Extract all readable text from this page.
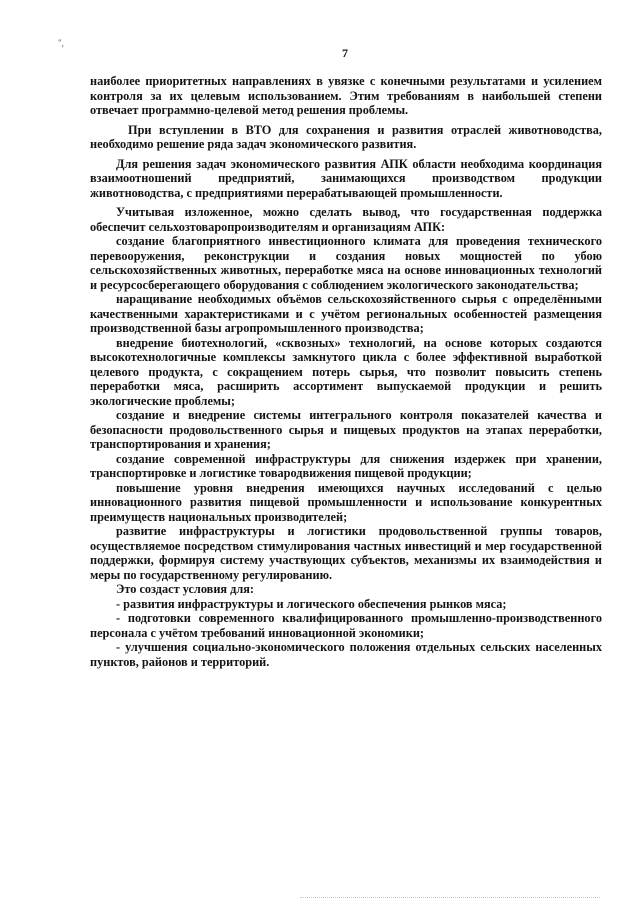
",
7

наиболее приоритетных направлениях в увязке с конечными результатами и усилением контроля за их целевым использованием. Этим требованиям в наибольшей степени отвечает программно-целевой метод решения проблемы.

При вступлении в ВТО для сохранения и развития отраслей животноводства, необходимо решение ряда задач экономического развития.

Для решения задач экономического развития АПК области необходима координация взаимоотношений предприятий, занимающихся производством продукции животноводства, с предприятиями перерабатывающей промышленности.

Учитывая изложенное, можно сделать вывод, что государственная поддержка обеспечит сельхозтоваропроизводителям и организациям АПК:

создание благоприятного инвестиционного климата для проведения технического перевооружения, реконструкции и создания новых мощностей по убою сельскохозяйственных животных, переработке мяса на основе инновационных технологий и ресурсосберегающего оборудования с соблюдением экологического законодательства;

наращивание необходимых объёмов сельскохозяйственного сырья с определёнными качественными характеристиками и с учётом региональных особенностей размещения производственной базы агропромышленного производства;

внедрение биотехнологий, «сквозных» технологий, на основе которых создаются высокотехнологичные комплексы замкнутого цикла с более эффективной выработкой целевого продукта, с сокращением потерь сырья, что позволит повысить степень переработки мяса, расширить ассортимент выпускаемой продукции и решить экологические проблемы;

создание и внедрение системы интегрального контроля показателей качества и безопасности продовольственного сырья и пищевых продуктов на этапах переработки, транспортирования и хранения;

создание современной инфраструктуры для снижения издержек при хранении, транспортировке и логистике товародвижения пищевой продукции;

повышение уровня внедрения имеющихся научных исследований с целью инновационного развития пищевой промышленности и использование конкурентных преимуществ национальных производителей;

развитие инфраструктуры и логистики продовольственной группы товаров, осуществляемое посредством стимулирования частных инвестиций и мер государственной поддержки, формируя систему участвующих субъектов, механизмы их взаимодействия и меры по государственному регулированию.

Это создаст условия для:

- развития инфраструктуры и логического обеспечения рынков мяса;

- подготовки современного квалифицированного промышленно-производственного персонала с учётом требований инновационной экономики;

- улучшения социально-экономического положения отдельных сельских населенных пунктов, районов и территорий.
